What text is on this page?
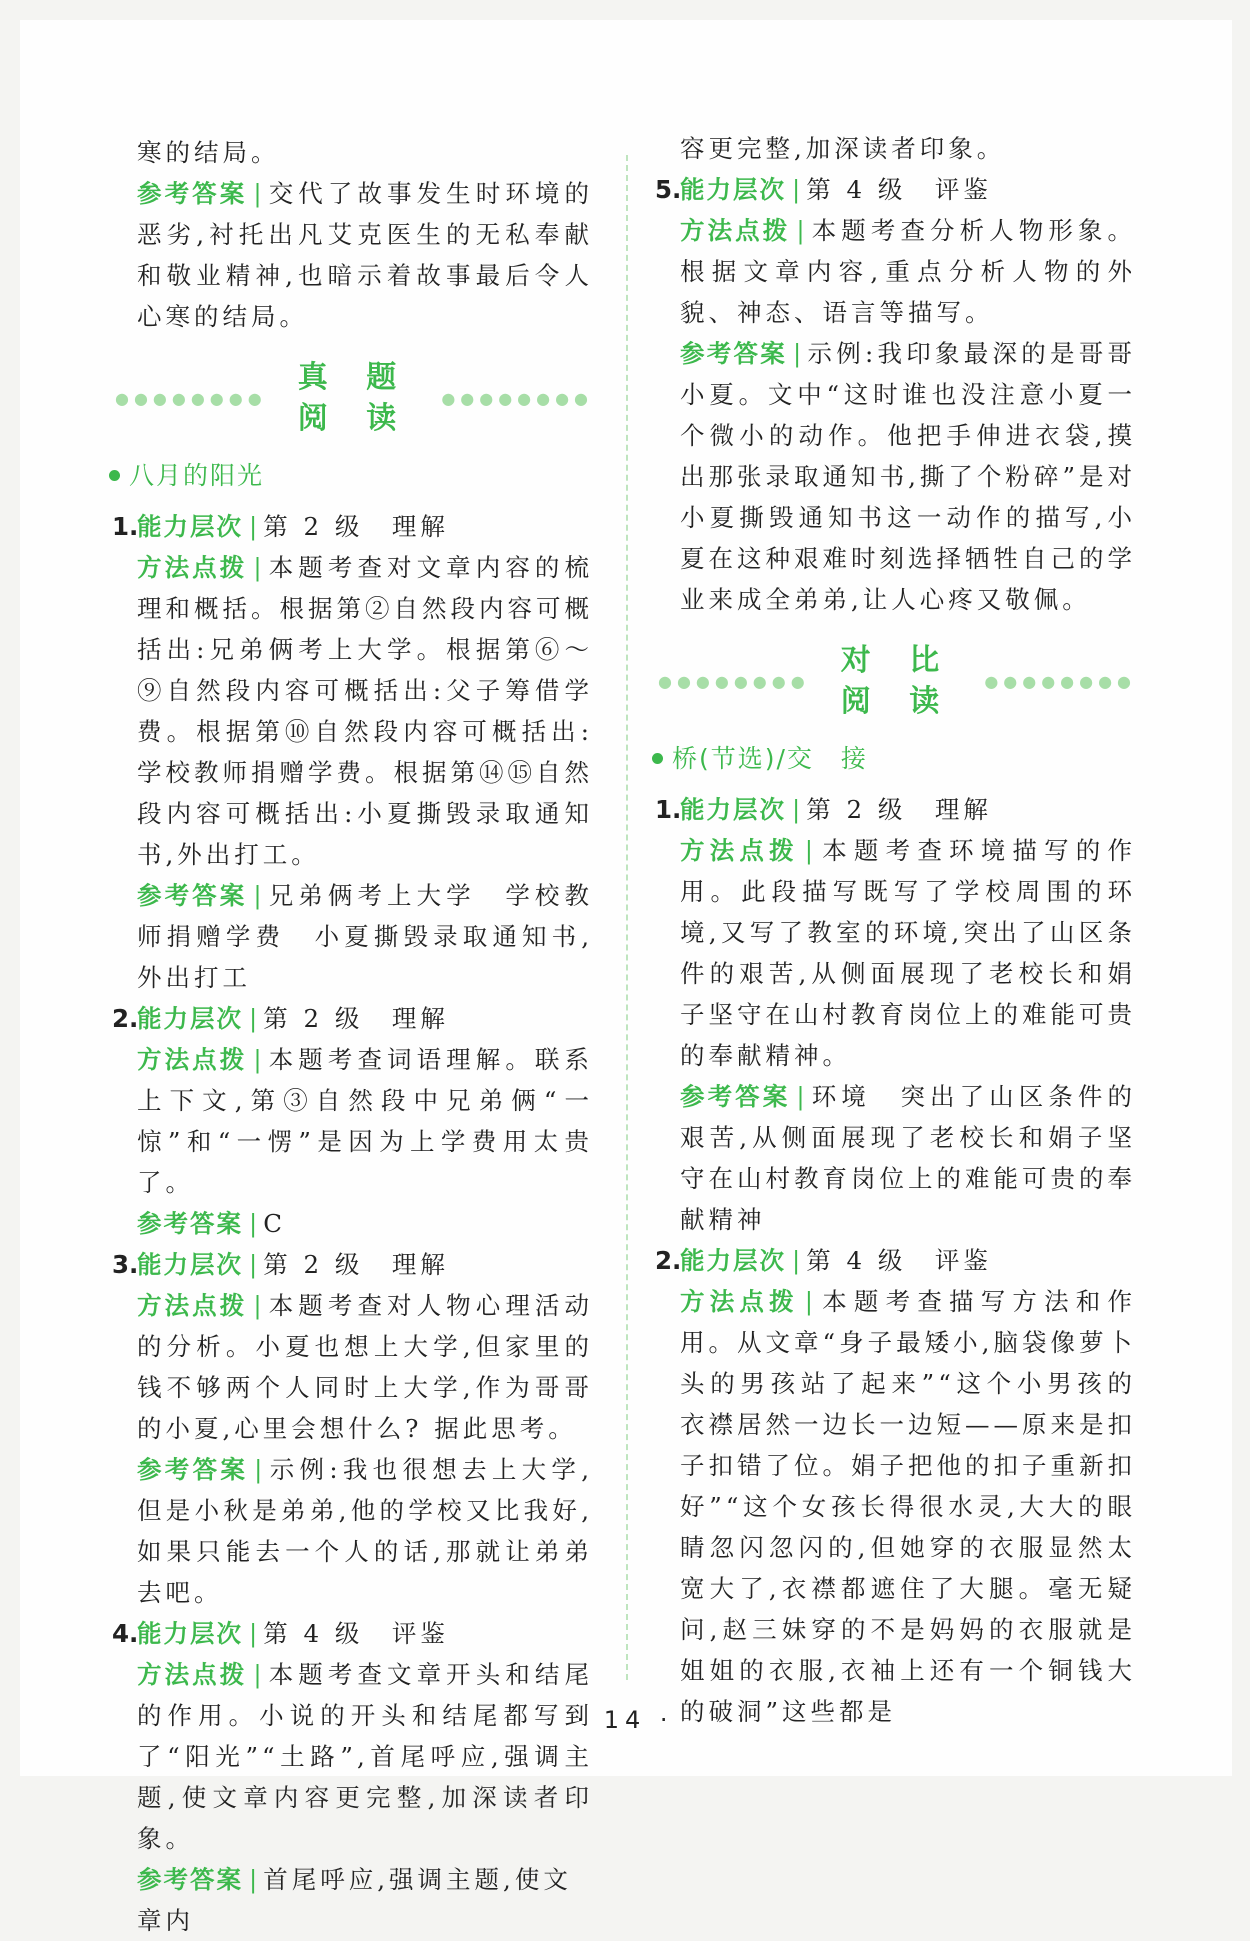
寒的结局。

参考答案 | 交代了故事发生时环境的恶劣,衬托出凡艾克医生的无私奉献和敬业精神,也暗示着故事最后令人心寒的结局。

●●●●●●●●
真 题 阅 读
●●●●●●●●
八月的阳光
1.
能力层次 | 第 2 级　理解
方法点拨 | 本题考查对文章内容的梳理和概括。根据第②自然段内容可概括出:兄弟俩考上大学。根据第⑥～⑨自然段内容可概括出:父子筹借学费。根据第⑩自然段内容可概括出:学校教师捐赠学费。根据第⑭⑮自然段内容可概括出:小夏撕毁录取通知书,外出打工。
参考答案 | 兄弟俩考上大学　学校教师捐赠学费　小夏撕毁录取通知书,外出打工
2.
能力层次 | 第 2 级　理解
方法点拨 | 本题考查词语理解。联系上下文,第③自然段中兄弟俩“一惊”和“一愣”是因为上学费用太贵了。
参考答案 | C
3.
能力层次 | 第 2 级　理解
方法点拨 | 本题考查对人物心理活动的分析。小夏也想上大学,但家里的钱不够两个人同时上大学,作为哥哥的小夏,心里会想什么? 据此思考。
参考答案 | 示例:我也很想去上大学,但是小秋是弟弟,他的学校又比我好,如果只能去一个人的话,那就让弟弟去吧。
4.
能力层次 | 第 4 级　评鉴
方法点拨 | 本题考查文章开头和结尾的作用。小说的开头和结尾都写到了“阳光”“土路”,首尾呼应,强调主题,使文章内容更完整,加深读者印象。
参考答案 | 首尾呼应,强调主题,使文章内

容更完整,加深读者印象。

5.
能力层次 | 第 4 级　评鉴
方法点拨 | 本题考查分析人物形象。根据文章内容,重点分析人物的外貌、神态、语言等描写。
参考答案 | 示例:我印象最深的是哥哥小夏。文中“这时谁也没注意小夏一个微小的动作。他把手伸进衣袋,摸出那张录取通知书,撕了个粉碎”是对小夏撕毁通知书这一动作的描写,小夏在这种艰难时刻选择牺牲自己的学业来成全弟弟,让人心疼又敬佩。
●●●●●●●●
对 比 阅 读
●●●●●●●●
桥(节选)/交　接
1.
能力层次 | 第 2 级　理解
方法点拨 | 本题考查环境描写的作用。此段描写既写了学校周围的环境,又写了教室的环境,突出了山区条件的艰苦,从侧面展现了老校长和娟子坚守在山村教育岗位上的难能可贵的奉献精神。
参考答案 | 环境　突出了山区条件的艰苦,从侧面展现了老校长和娟子坚守在山村教育岗位上的难能可贵的奉献精神
2.
能力层次 | 第 4 级　评鉴
方法点拨 | 本题考查描写方法和作用。从文章“身子最矮小,脑袋像萝卜头的男孩站了起来”“这个小男孩的衣襟居然一边长一边短——原来是扣子扣错了位。娟子把他的扣子重新扣好”“这个女孩长得很水灵,大大的眼睛忽闪忽闪的,但她穿的衣服显然太宽大了,衣襟都遮住了大腿。毫无疑问,赵三妹穿的不是妈妈的衣服就是姐姐的衣服,衣袖上还有一个铜钱大的破洞”这些都是
· 14 ·
